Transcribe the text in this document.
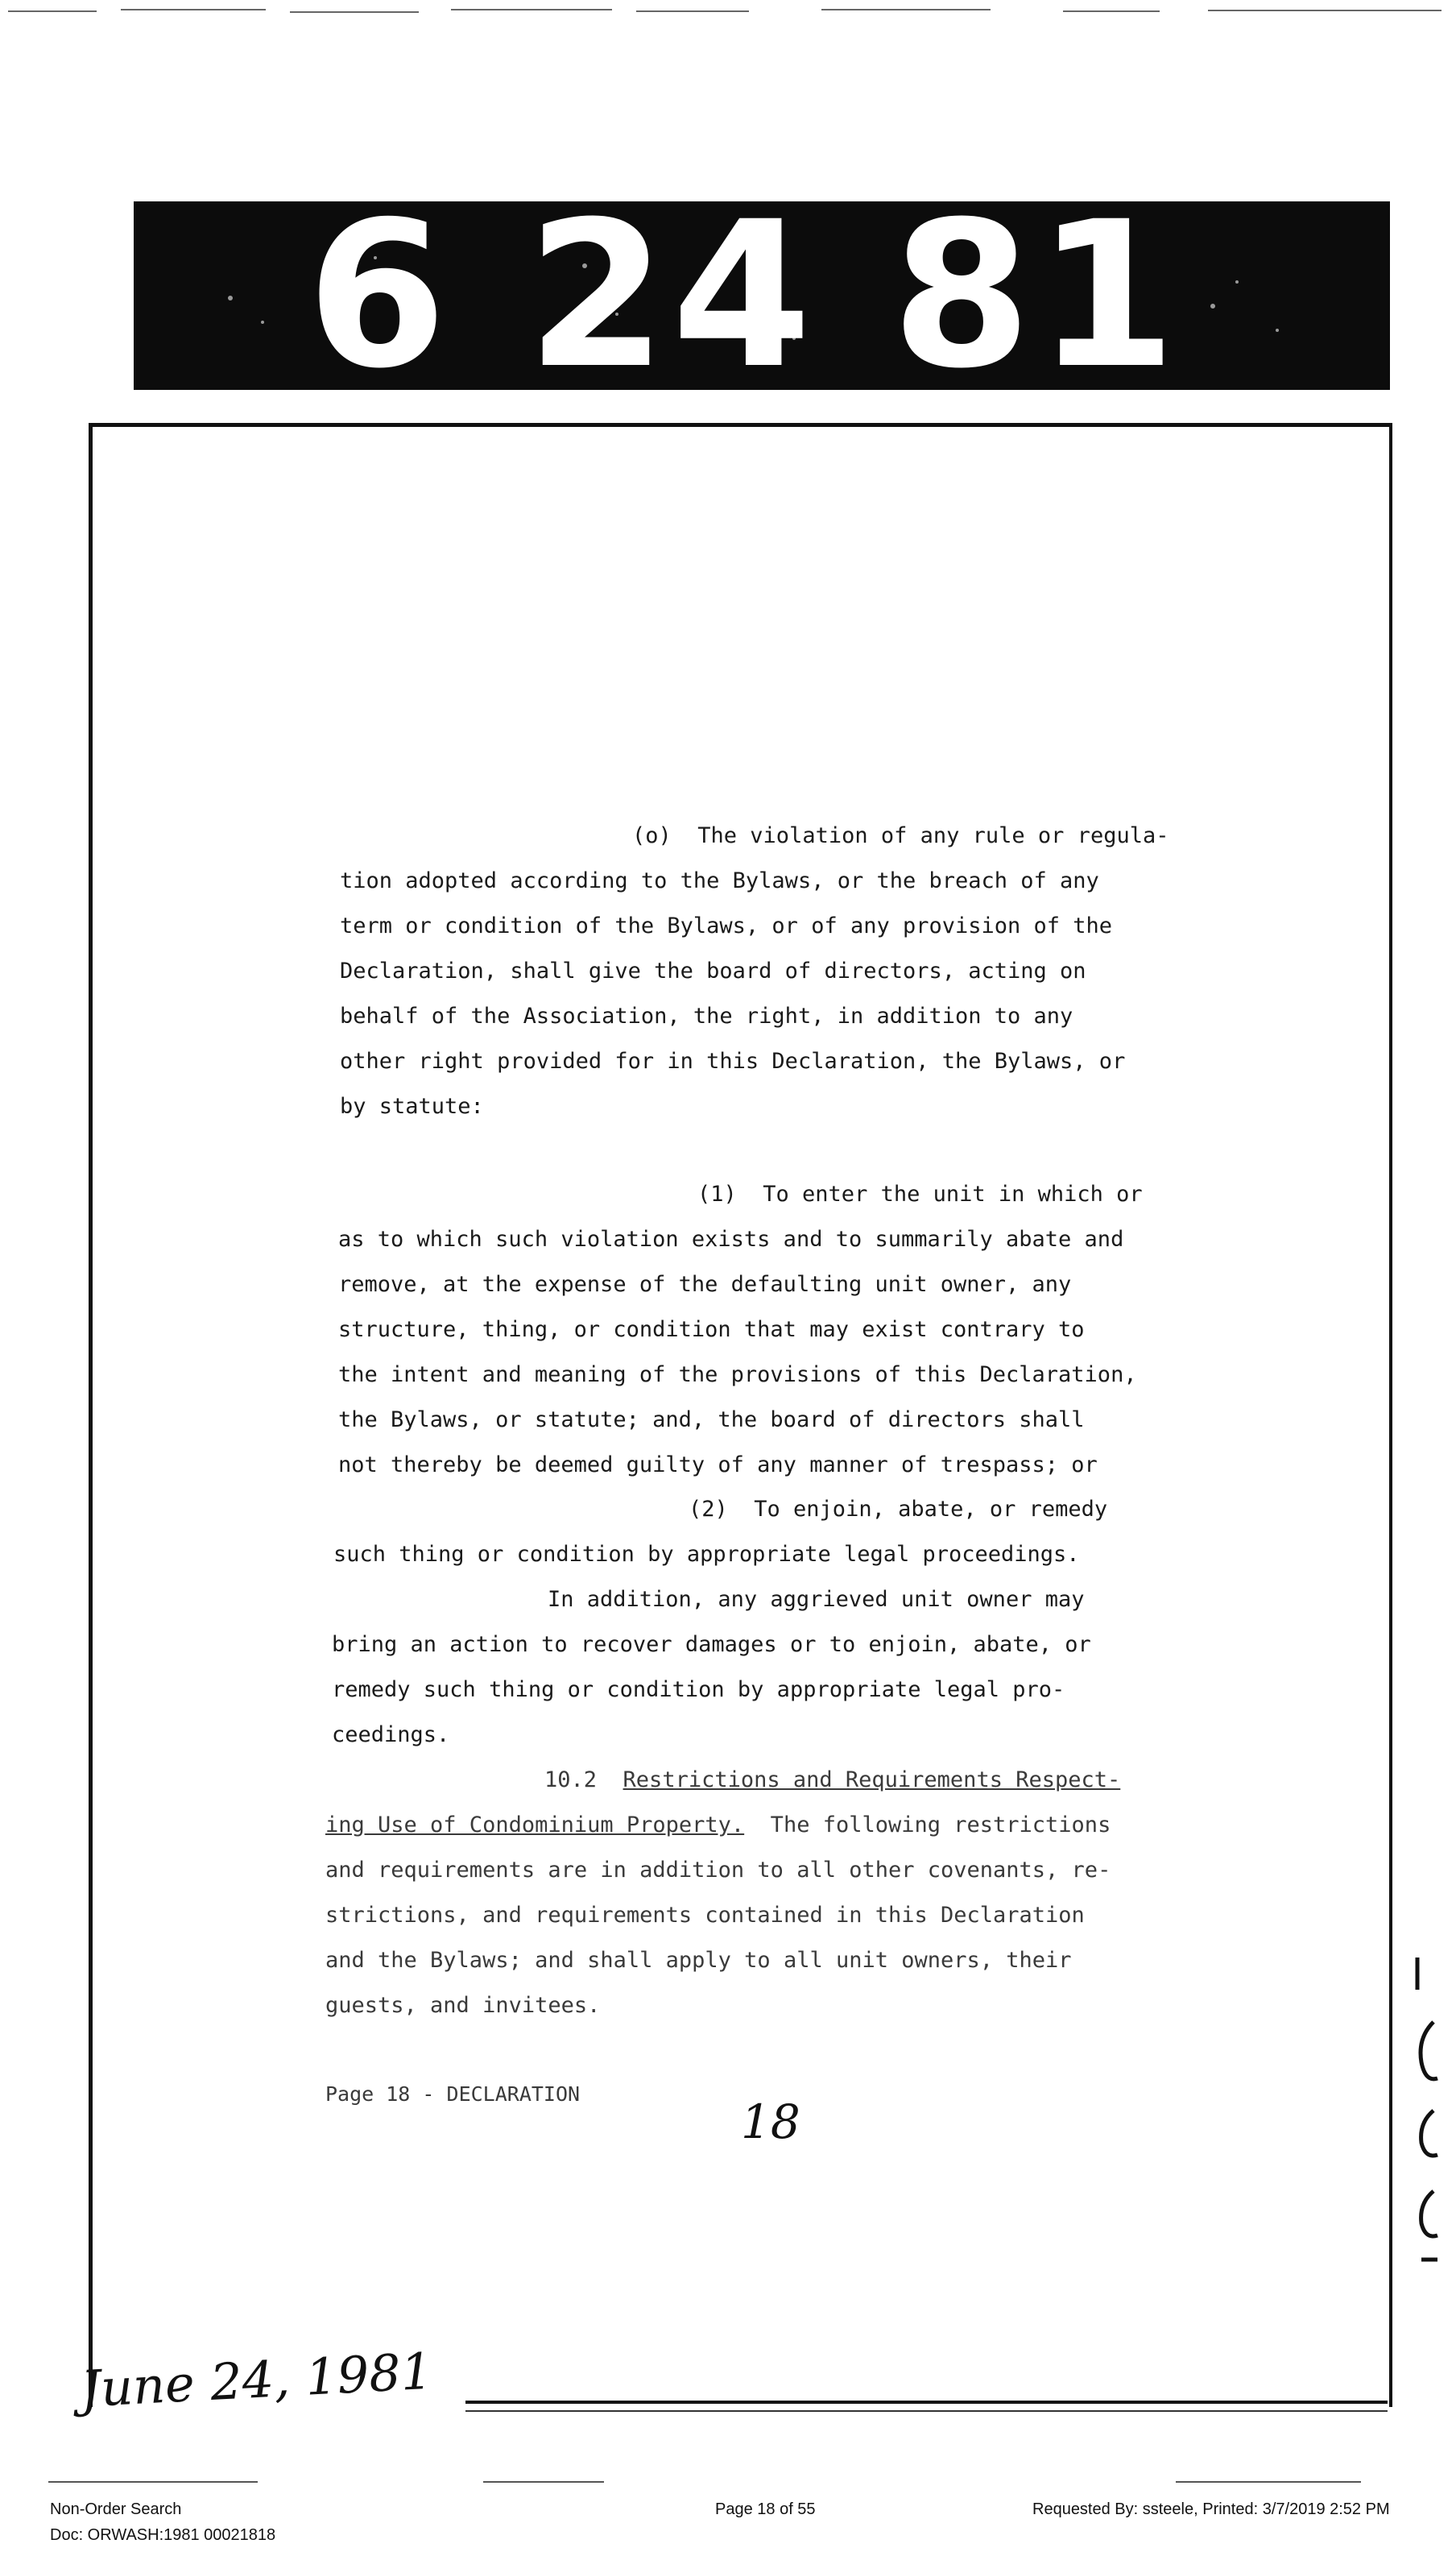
6 24 81
(o)  The violation of any rule or regula-
tion adopted according to the Bylaws, or the breach of any
term or condition of the Bylaws, or of any provision of the
Declaration, shall give the board of directors, acting on
behalf of the Association, the right, in addition to any
other right provided for in this Declaration, the Bylaws, or
by statute:
(1)  To enter the unit in which or
as to which such violation exists and to summarily abate and
remove, at the expense of the defaulting unit owner, any
structure, thing, or condition that may exist contrary to
the intent and meaning of the provisions of this Declaration,
the Bylaws, or statute; and, the board of directors shall
not thereby be deemed guilty of any manner of trespass; or
(2)  To enjoin, abate, or remedy
such thing or condition by appropriate legal proceedings.
In addition, any aggrieved unit owner may
bring an action to recover damages or to enjoin, abate, or
remedy such thing or condition by appropriate legal pro-
ceedings.
10.2 Restrictions and Requirements Respect-
ing Use of Condominium Property.  The following restrictions
and requirements are in addition to all other covenants, re-
strictions, and requirements contained in this Declaration
and the Bylaws; and shall apply to all unit owners, their
guests, and invitees.
Page 18 - DECLARATION
18
June 24, 1981
Non-Order Search
Doc: ORWASH:1981 00021818
Page 18 of 55	Requested By: ssteele, Printed: 3/7/2019 2:52 PM
